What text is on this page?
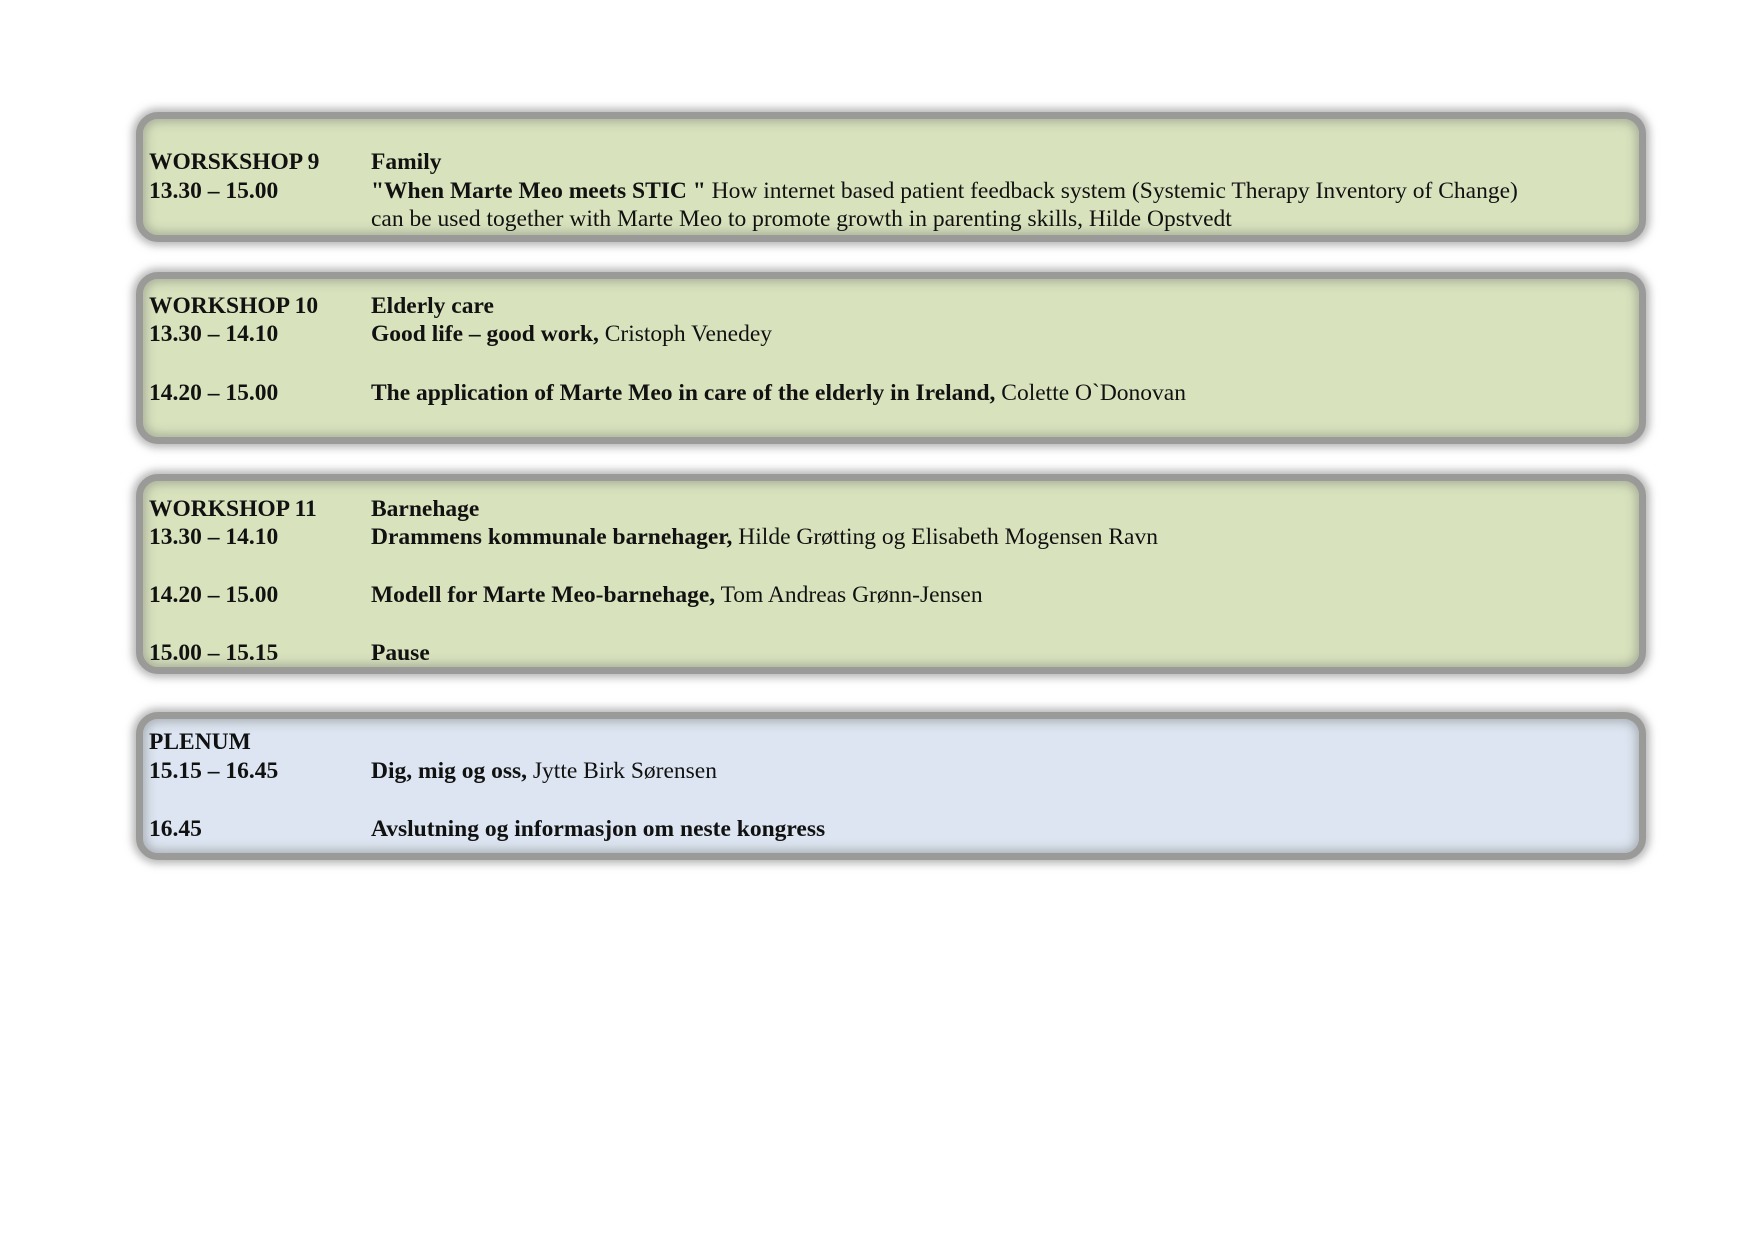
WORSKSHOP 9 Family
13.30 – 15.00	"When Marte Meo meets STIC " How internet based patient feedback system (Systemic Therapy Inventory of Change)
can be used together with Marte Meo to promote growth in parenting skills, Hilde Opstvedt
WORKSHOP 10 Elderly care
13.30 – 14.10	Good life – good work, Cristoph Venedey
14.20 – 15.00	The application of Marte Meo in care of the elderly in Ireland, Colette O`Donovan
WORKSHOP 11 Barnehage
13.30 – 14.10	Drammens kommunale barnehager, Hilde Grøtting og Elisabeth Mogensen Ravn
14.20 – 15.00	Modell for Marte Meo-barnehage, Tom Andreas Grønn-Jensen
15.00 – 15.15	Pause
PLENUM
15.15 – 16.45	Dig, mig og oss, Jytte Birk Sørensen
16.45	Avslutning og informasjon om neste kongress
